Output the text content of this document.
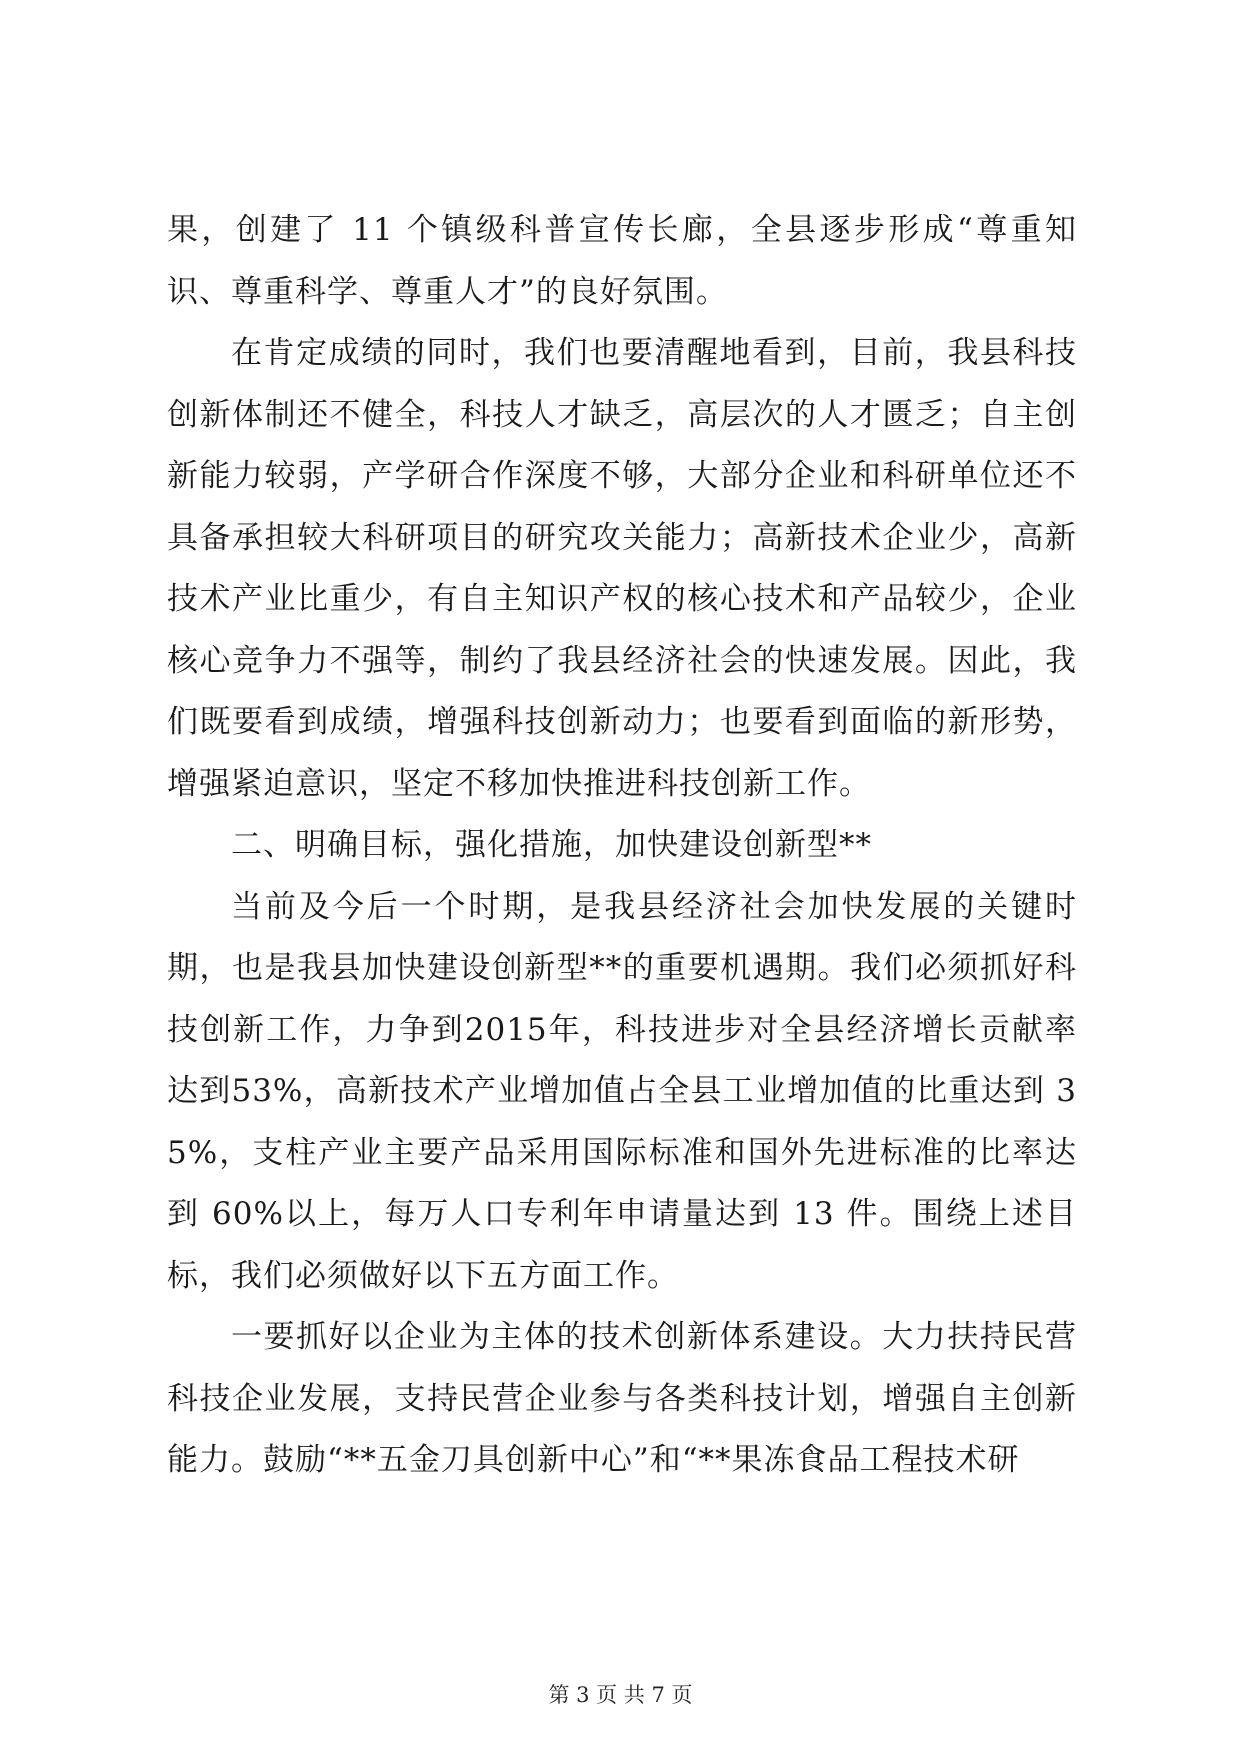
果，创建了 11 个镇级科普宣传长廊，全县逐步形成“尊重知识、尊重科学、尊重人才”的良好氛围。

在肯定成绩的同时，我们也要清醒地看到，目前，我县科技创新体制还不健全，科技人才缺乏，高层次的人才匮乏；自主创新能力较弱，产学研合作深度不够，大部分企业和科研单位还不具备承担较大科研项目的研究攻关能力；高新技术企业少，高新技术产业比重少，有自主知识产权的核心技术和产品较少，企业核心竞争力不强等，制约了我县经济社会的快速发展。因此，我们既要看到成绩，增强科技创新动力；也要看到面临的新形势，增强紧迫意识，坚定不移加快推进科技创新工作。

二、明确目标，强化措施，加快建设创新型**

当前及今后一个时期，是我县经济社会加快发展的关键时期，也是我县加快建设创新型**的重要机遇期。我们必须抓好科技创新工作，力争到2015年，科技进步对全县经济增长贡献率达到53%，高新技术产业增加值占全县工业增加值的比重达到 35%，支柱产业主要产品采用国际标准和国外先进标准的比率达到 60%以上，每万人口专利年申请量达到 13 件。围绕上述目标，我们必须做好以下五方面工作。

一要抓好以企业为主体的技术创新体系建设。大力扶持民营科技企业发展，支持民营企业参与各类科技计划，增强自主创新能力。鼓励“**五金刀具创新中心”和“**果冻食品工程技术研

第 3 页 共 7 页
